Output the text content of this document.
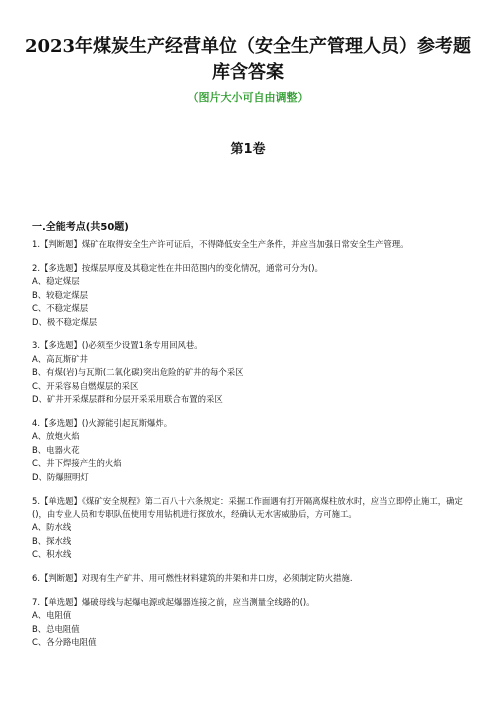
2023年煤炭生产经营单位（安全生产管理人员）参考题库含答案
（图片大小可自由调整）
第1卷
一.全能考点(共50题)

1.【判断题】煤矿在取得安全生产许可证后，不得降低安全生产条件，并应当加强日常安全生产管理。

2.【多选题】按煤层厚度及其稳定性在井田范围内的变化情况，通常可分为()。

A、稳定煤层

B、较稳定煤层

C、不稳定煤层

D、极不稳定煤层

3.【多选题】()必须至少设置1条专用回风巷。

A、高瓦斯矿井

B、有煤(岩)与瓦斯(二氧化碳)突出危险的矿井的每个采区

C、开采容易自燃煤层的采区

D、矿井开采煤层群和分层开采采用联合布置的采区

4.【多选题】()火源能引起瓦斯爆炸。

A、放炮火焰

B、电器火花

C、井下焊接产生的火焰

D、防爆照明灯

5.【单选题】《煤矿安全规程》第二百八十六条规定：采掘工作面遇有打开隔离煤柱放水时，应当立即停止施工，确定()，由专业人员和专职队伍使用专用钻机进行探放水，经确认无水害威胁后，方可施工。

A、防水线

B、探水线

C、积水线

6.【判断题】对现有生产矿井、用可燃性材料建筑的井架和井口房，必须制定防火措施.

7.【单选题】爆破母线与起爆电源或起爆器连接之前，应当测量全线路的()。

A、电阻值

B、总电阻值

C、各分路电阻值
